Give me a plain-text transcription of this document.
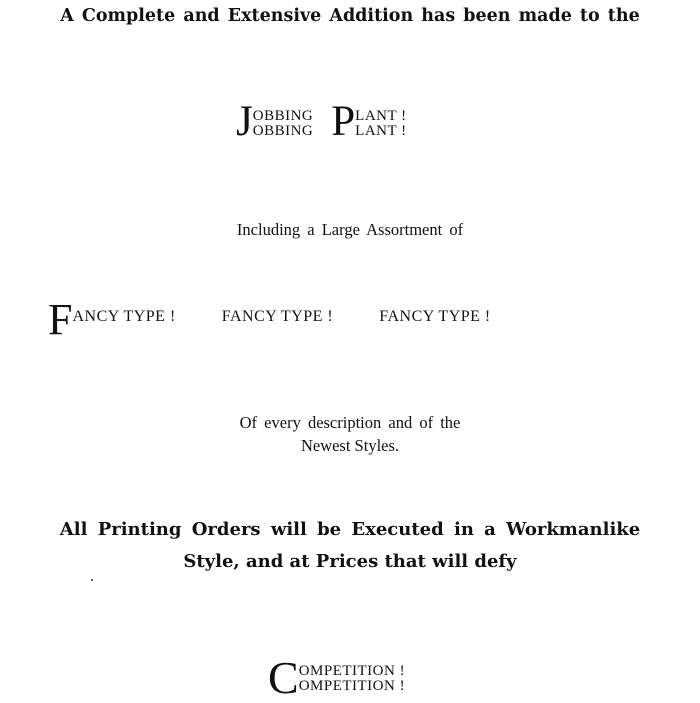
A Complete and Extensive Addition has been made to the
J OBBING
OBBING P LANT !
LANT !
Including a Large Assortment of
F ANCY TYPE !	FANCY TYPE !	FANCY TYPE !
Of every description and of the
Newest Styles.
All Printing Orders will be Executed in a Workmanlike
Style, and at Prices that will defy
C OMPETITION !
OMPETITION !
